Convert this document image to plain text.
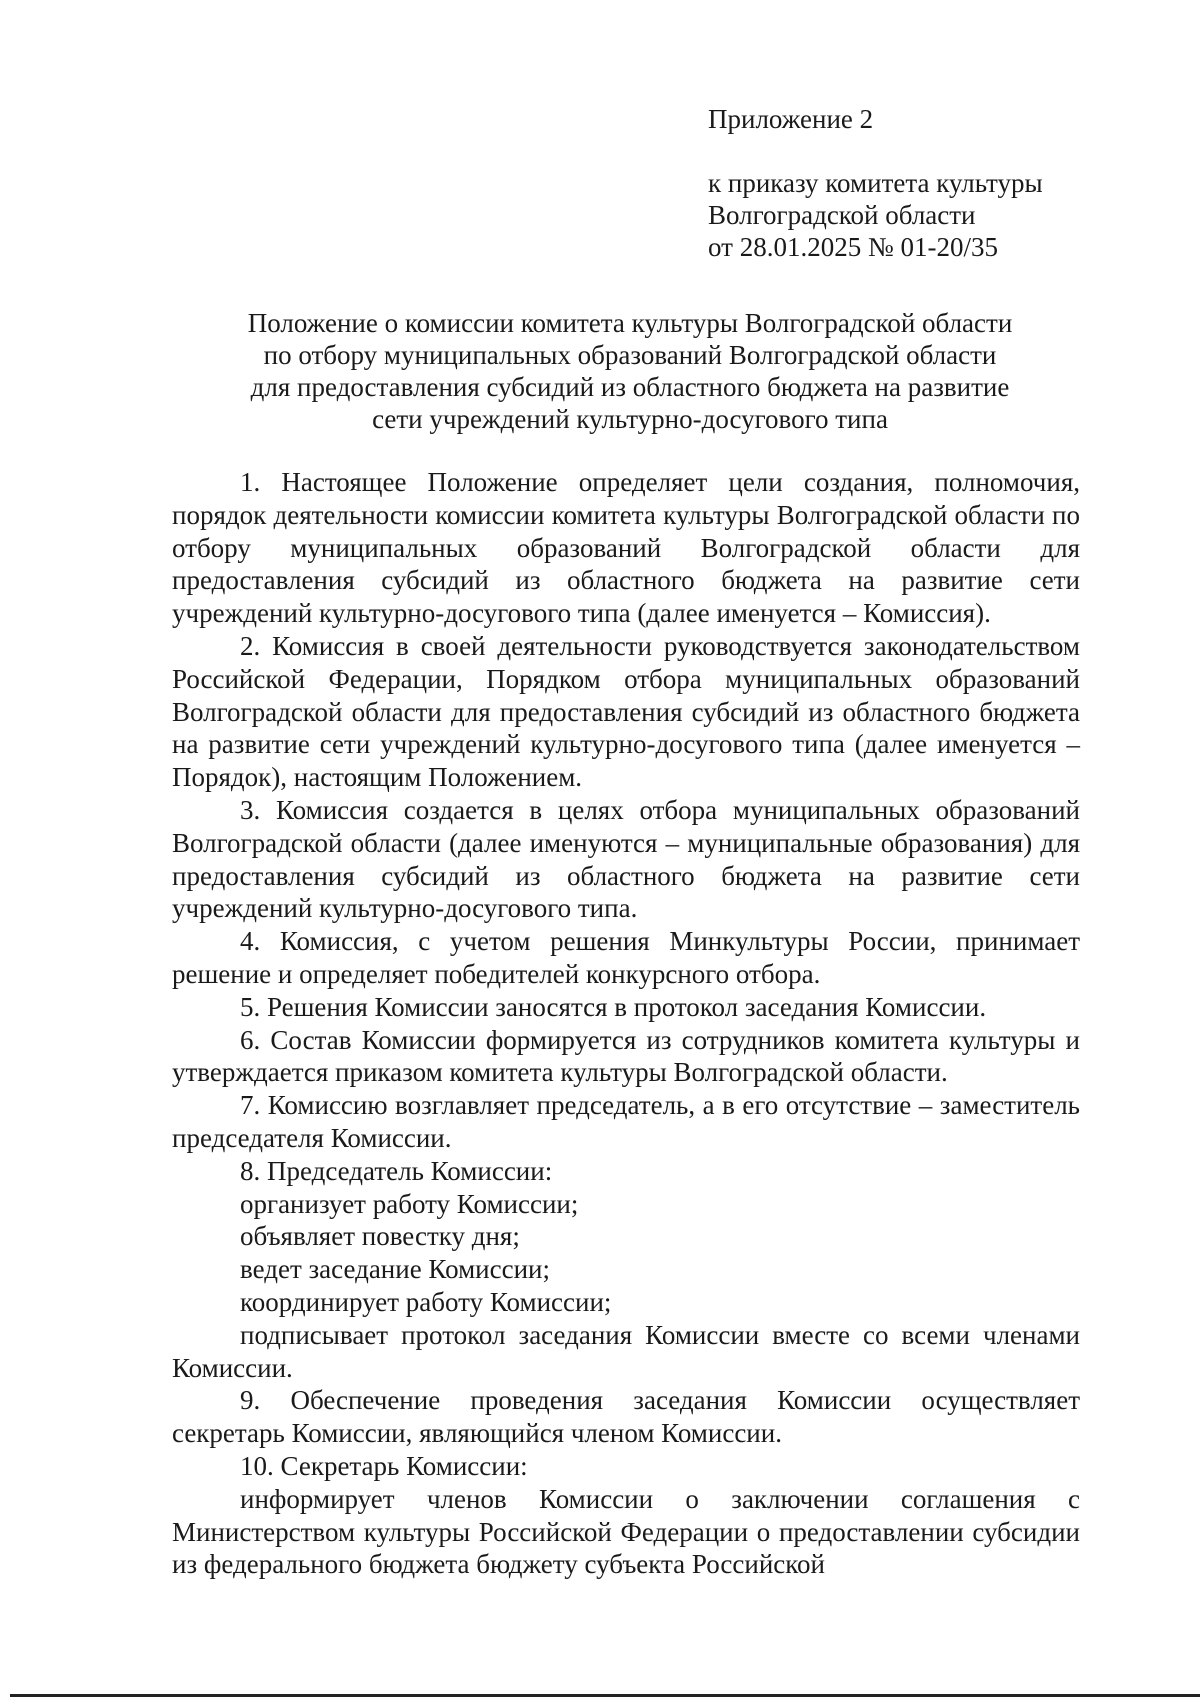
Приложение 2
к приказу комитета культуры
Волгоградской области
от 28.01.2025 № 01-20/35
Положение о комиссии комитета культуры Волгоградской области
по отбору муниципальных образований Волгоградской области
для предоставления субсидий из областного бюджета на развитие
сети учреждений культурно-досугового типа

1. Настоящее Положение определяет цели создания, полномочия, порядок деятельности комиссии комитета культуры Волгоградской области по отбору муниципальных образований Волгоградской области для предоставления субсидий из областного бюджета на развитие сети учреждений культурно-досугового типа (далее именуется – Комиссия).

2. Комиссия в своей деятельности руководствуется законодательством Российской Федерации, Порядком отбора муниципальных образований Волгоградской области для предоставления субсидий из областного бюджета на развитие сети учреждений культурно-досугового типа (далее именуется – Порядок), настоящим Положением.

3. Комиссия создается в целях отбора муниципальных образований Волгоградской области (далее именуются – муниципальные образования) для предоставления субсидий из областного бюджета на развитие сети учреждений культурно-досугового типа.

4. Комиссия, с учетом решения Минкультуры России, принимает решение и определяет победителей конкурсного отбора.

5. Решения Комиссии заносятся в протокол заседания Комиссии.

6. Состав Комиссии формируется из сотрудников комитета культуры и утверждается приказом комитета культуры Волгоградской области.

7. Комиссию возглавляет председатель, а в его отсутствие – заместитель председателя Комиссии.

8. Председатель Комиссии:

организует работу Комиссии;

объявляет повестку дня;

ведет заседание Комиссии;

координирует работу Комиссии;

подписывает протокол заседания Комиссии вместе со всеми членами Комиссии.

9. Обеспечение проведения заседания Комиссии осуществляет секретарь Комиссии, являющийся членом Комиссии.

10. Секретарь Комиссии:

информирует членов Комиссии о заключении соглашения с Министерством культуры Российской Федерации о предоставлении субсидии из федерального бюджета бюджету субъекта Российской
